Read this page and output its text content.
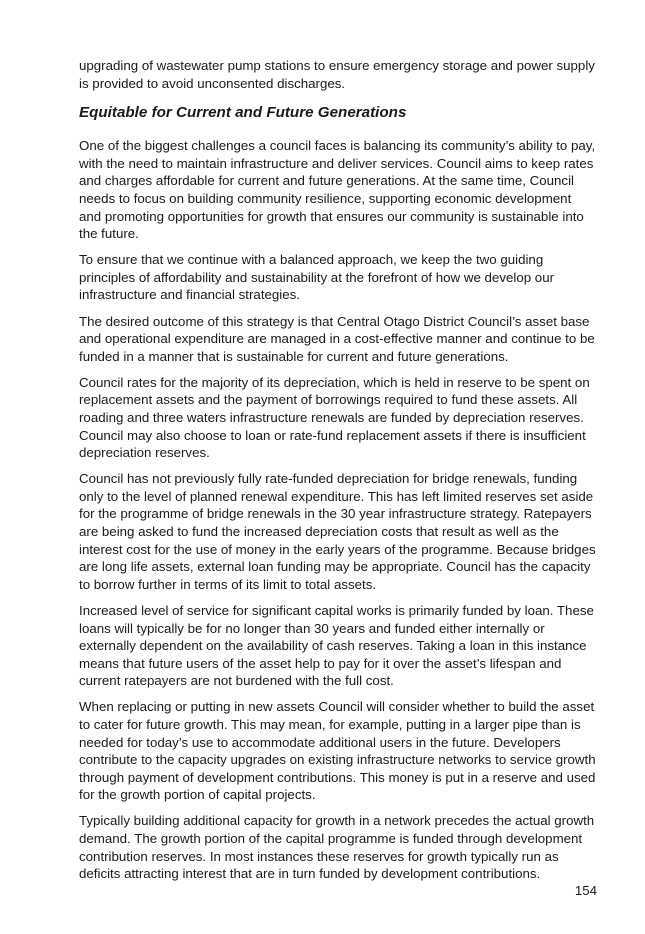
upgrading of wastewater pump stations to ensure emergency storage and power supply is provided to avoid unconsented discharges.

Equitable for Current and Future Generations

One of the biggest challenges a council faces is balancing its community’s ability to pay, with the need to maintain infrastructure and deliver services. Council aims to keep rates and charges affordable for current and future generations. At the same time, Council needs to focus on building community resilience, supporting economic development and promoting opportunities for growth that ensures our community is sustainable into the future.

To ensure that we continue with a balanced approach, we keep the two guiding principles of affordability and sustainability at the forefront of how we develop our infrastructure and financial strategies.

The desired outcome of this strategy is that Central Otago District Council’s asset base and operational expenditure are managed in a cost-effective manner and continue to be funded in a manner that is sustainable for current and future generations.

Council rates for the majority of its depreciation, which is held in reserve to be spent on replacement assets and the payment of borrowings required to fund these assets. All roading and three waters infrastructure renewals are funded by depreciation reserves. Council may also choose to loan or rate-fund replacement assets if there is insufficient depreciation reserves.

Council has not previously fully rate-funded depreciation for bridge renewals, funding only to the level of planned renewal expenditure. This has left limited reserves set aside for the programme of bridge renewals in the 30 year infrastructure strategy. Ratepayers are being asked to fund the increased depreciation costs that result as well as the interest cost for the use of money in the early years of the programme. Because bridges are long life assets, external loan funding may be appropriate. Council has the capacity to borrow further in terms of its limit to total assets.

Increased level of service for significant capital works is primarily funded by loan. These loans will typically be for no longer than 30 years and funded either internally or externally dependent on the availability of cash reserves. Taking a loan in this instance means that future users of the asset help to pay for it over the asset’s lifespan and current ratepayers are not burdened with the full cost.

When replacing or putting in new assets Council will consider whether to build the asset to cater for future growth. This may mean, for example, putting in a larger pipe than is needed for today’s use to accommodate additional users in the future. Developers contribute to the capacity upgrades on existing infrastructure networks to service growth through payment of development contributions. This money is put in a reserve and used for the growth portion of capital projects.

Typically building additional capacity for growth in a network precedes the actual growth demand. The growth portion of the capital programme is funded through development contribution reserves. In most instances these reserves for growth typically run as deficits attracting interest that are in turn funded by development contributions.

154
